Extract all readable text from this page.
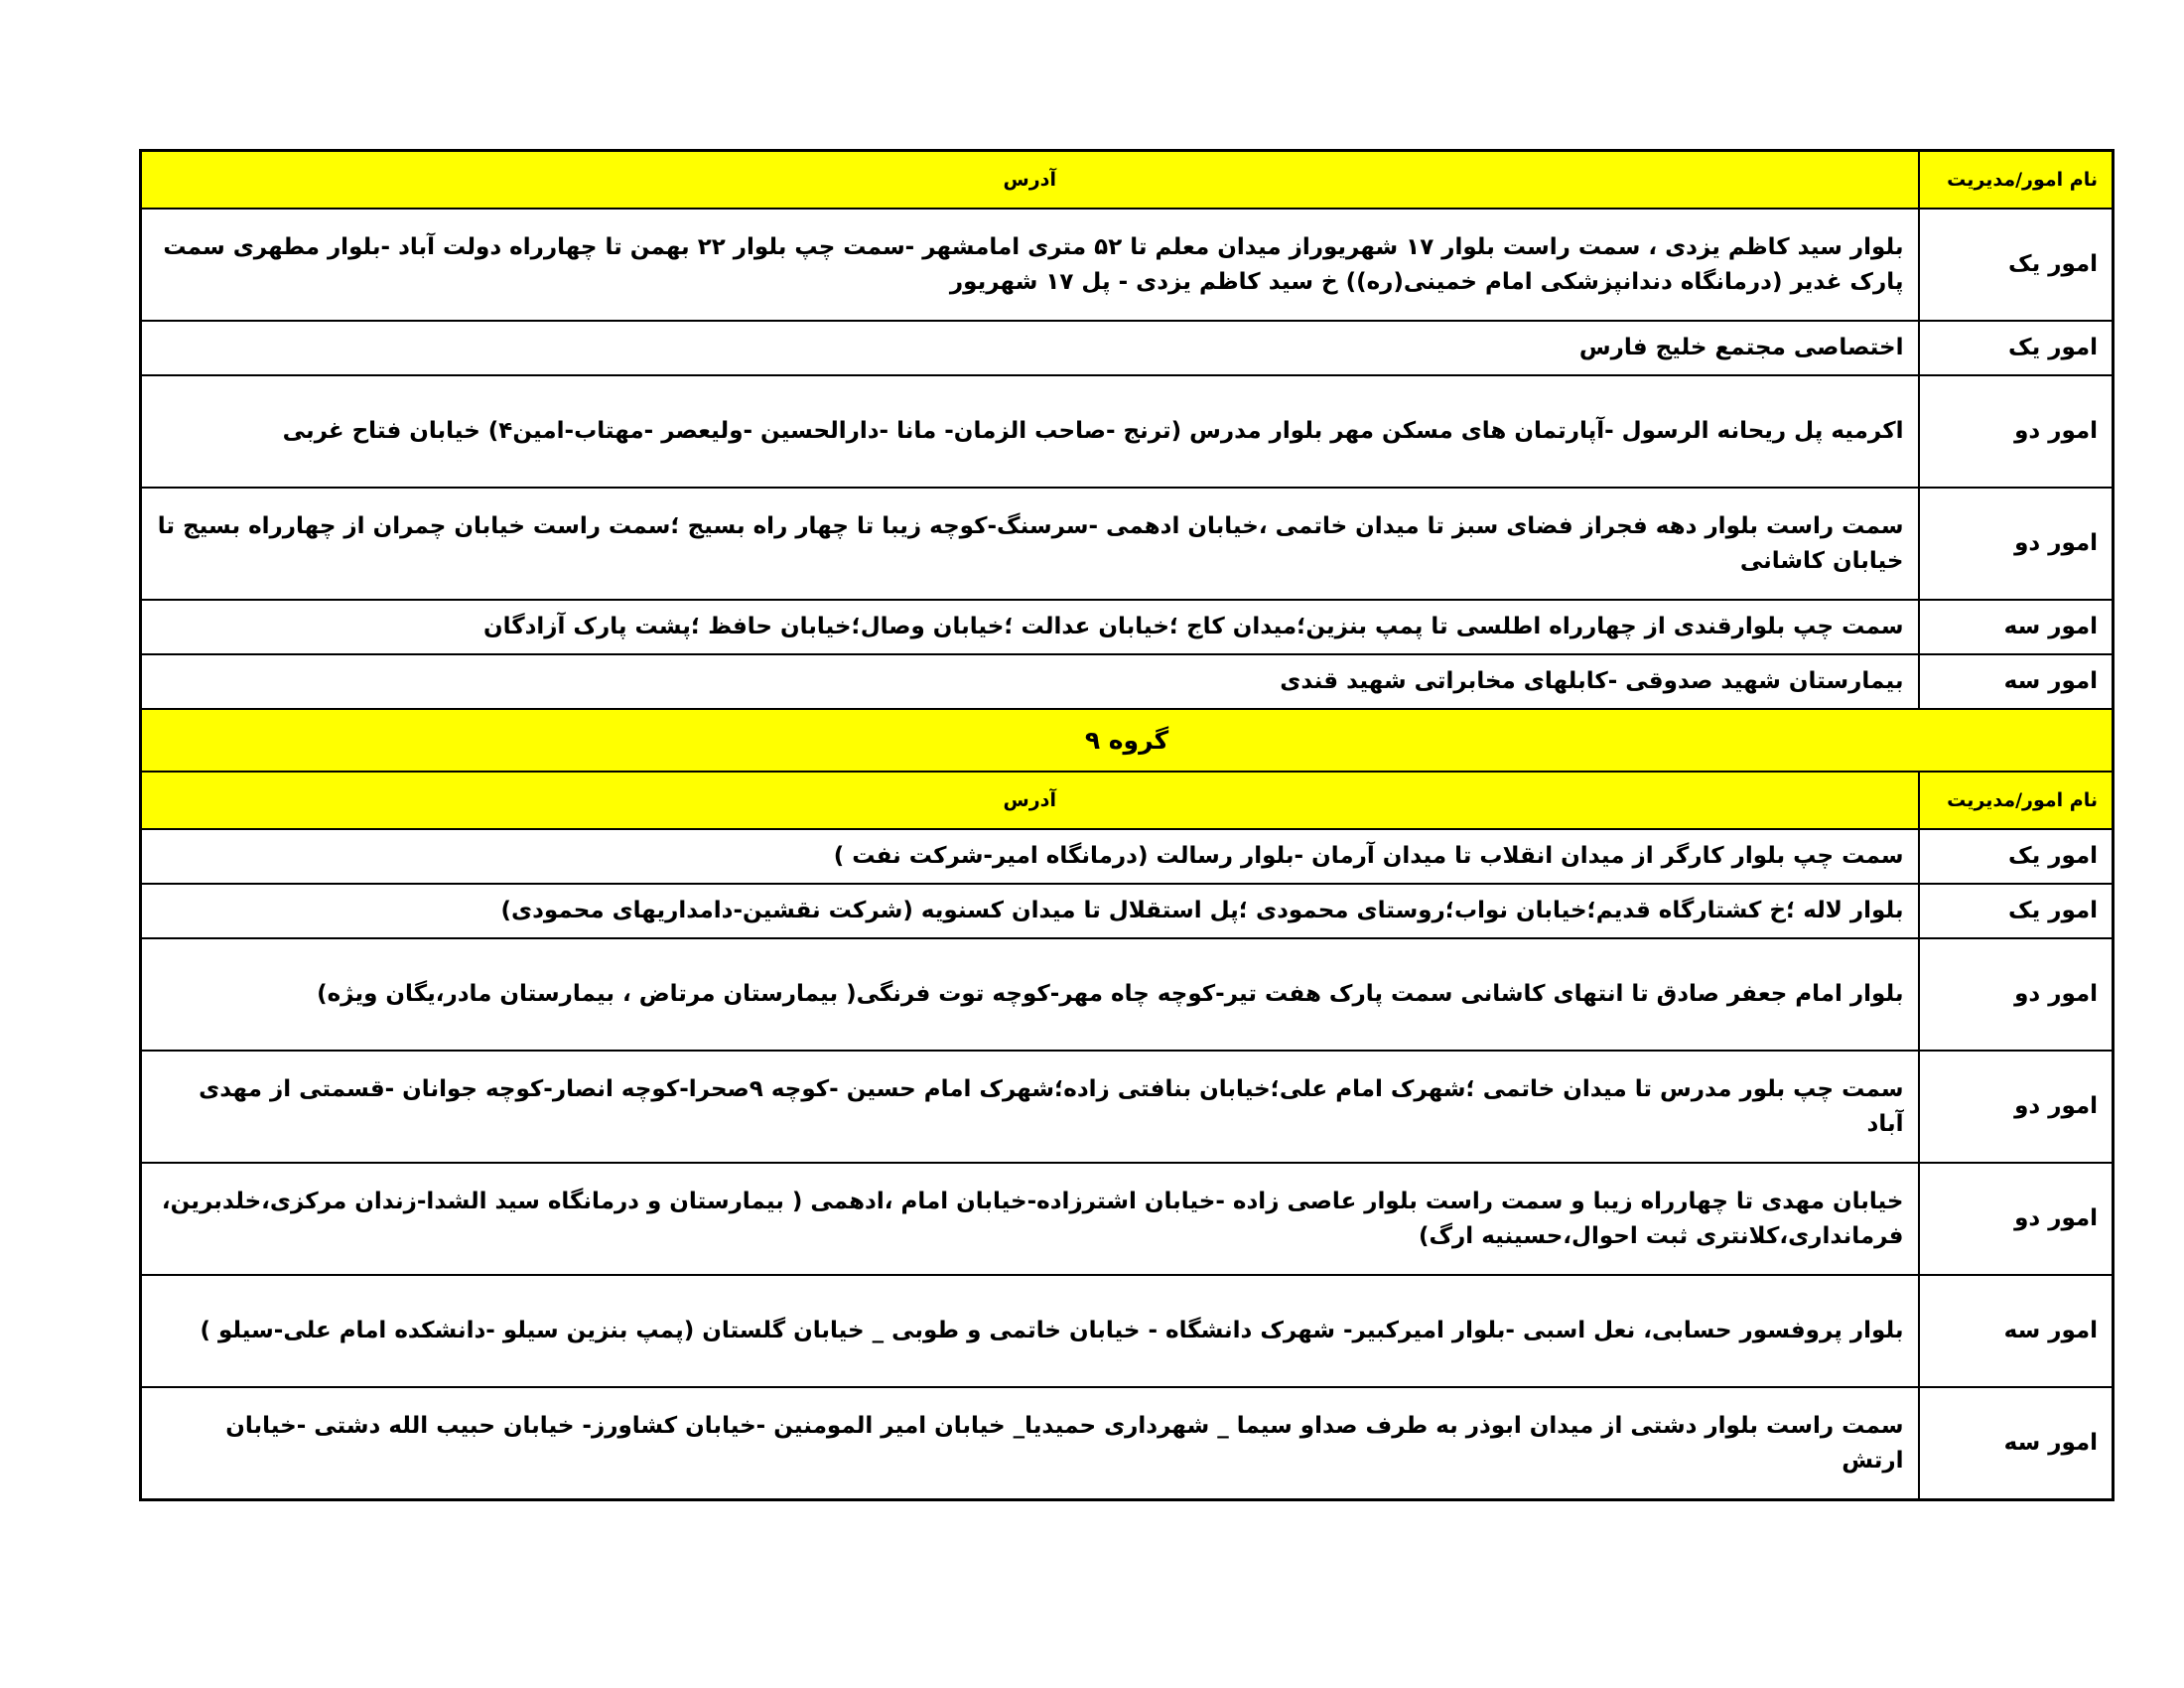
نام امور/مدیریت	آدرس
امور یک	بلوار سید کاظم یزدی ، سمت راست بلوار ۱۷ شهریوراز میدان معلم تا ۵۲ متری امامشهر -سمت چپ بلوار ۲۲ بهمن تا چهارراه دولت آباد -بلوار مطهری سمت پارک غدیر (درمانگاه دندانپزشکی امام خمینی(ره)) خ سید کاظم یزدی - پل ۱۷ شهریور
امور یک	اختصاصی مجتمع خلیج فارس
امور دو	اکرمیه پل ریحانه الرسول -آپارتمان های مسکن مهر بلوار مدرس (ترنج -صاحب الزمان- مانا -دارالحسین -ولیعصر -مهتاب-امین۴) خیابان فتاح غربی
امور دو	سمت راست بلوار دهه فجراز فضای سبز تا میدان خاتمی ،خیابان ادهمی -سرسنگ-کوچه زیبا تا چهار راه بسیج ؛سمت راست خیابان چمران از چهارراه بسیج تا خیابان کاشانی
امور سه	سمت چپ بلوارقندی از چهارراه اطلسی تا پمپ بنزین؛میدان کاج ؛خیابان عدالت ؛خیابان وصال؛خیابان حافظ ؛پشت پارک آزادگان
امور سه	بیمارستان شهید صدوقی -کابلهای مخابراتی شهید قندی
گروه ۹	
نام امور/مدیریت	آدرس
امور یک	سمت چپ بلوار کارگر از میدان انقلاب تا میدان آرمان -بلوار رسالت (درمانگاه امیر-شرکت نفت )
امور یک	بلوار لاله ؛خ کشتارگاه قدیم؛خیابان نواب؛روستای محمودی ؛پل استقلال تا میدان کسنویه (شرکت نقشین-دامداریهای محمودی)
امور دو	بلوار امام جعفر صادق تا انتهای کاشانی سمت پارک هفت تیر-کوچه چاه مهر-کوچه توت فرنگی( بیمارستان مرتاض ، بیمارستان مادر،یگان ویژه)
امور دو	سمت چپ بلور مدرس تا میدان خاتمی ؛شهرک امام علی؛خیابان بنافتی زاده؛شهرک امام حسین -کوچه ۹صحرا-کوچه انصار-کوچه جوانان -قسمتی از مهدی آباد
امور دو	خیابان مهدی تا چهارراه زیبا و سمت راست بلوار عاصی زاده -خیابان اشترزاده-خیابان امام ،ادهمی ( بیمارستان و درمانگاه سید الشدا-زندان مرکزی،خلدبرین، فرمانداری،کلانتری ثبت احوال،حسینیه ارگ)
امور سه	بلوار پروفسور حسابی، نعل اسبی -بلوار امیرکبیر- شهرک دانشگاه - خیابان خاتمی و طوبی _ خیابان گلستان (پمپ بنزین سیلو -دانشکده امام علی-سیلو )
امور سه	سمت راست بلوار دشتی از میدان ابوذر به طرف صداو سیما _ شهرداری حمیدیا_ خیابان امیر المومنین -خیابان کشاورز- خیابان حبیب الله دشتی -خیابان ارتش
